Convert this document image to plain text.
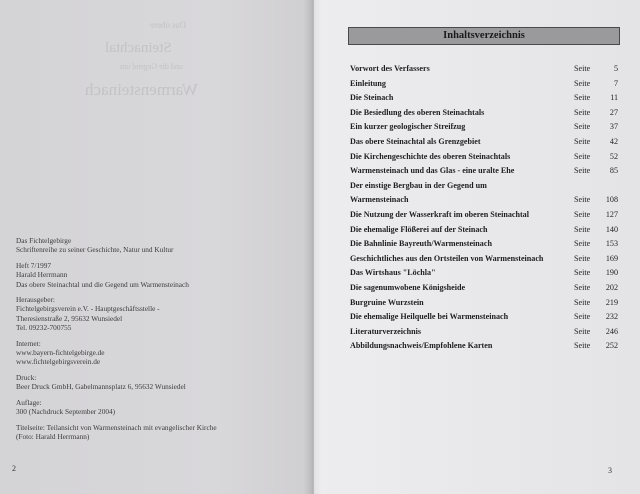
Das obere
Steinachtal
und die Gegend um
Warmensteinach
Das Fichtelgebirge
Schriftenreihe zu seiner Geschichte, Natur und Kultur
Heft 7/1997
Harald Herrmann
Das obere Steinachtal und die Gegend um Warmensteinach
Herausgeber:
Fichtelgebirgsverein e.V. - Hauptgeschäftsstelle -
Theresienstraße 2, 95632 Wunsiedel
Tel. 09232-700755
Internet:
www.bayern-fichtelgebirge.de
www.fichtelgebirgsverein.de
Druck:
Beer Druck GmbH, Gabelmannsplatz 6, 95632 Wunsiedel
Auflage:
300 (Nachdruck September 2004)
Titelseite: Teilansicht von Warmensteinach mit evangelischer Kirche
(Foto: Harald Herrmann)
2
Inhaltsverzeichnis
Vorwort des Verfassers	Seite	5
Einleitung	Seite	7
Die Steinach	Seite	11
Die Besiedlung des oberen Steinachtals	Seite	27
Ein kurzer geologischer Streifzug	Seite	37
Das obere Steinachtal als Grenzgebiet	Seite	42
Die Kirchengeschichte des oberen Steinachtals	Seite	52
Warmensteinach und das Glas - eine uralte Ehe	Seite	85
Der einstige Bergbau in der Gegend um
Warmensteinach	Seite	108
Die Nutzung der Wasserkraft im oberen Steinachtal	Seite	127
Die ehemalige Flößerei auf der Steinach	Seite	140
Die Bahnlinie Bayreuth/Warmensteinach	Seite	153
Geschichtliches aus den Ortsteilen von Warmensteinach	Seite	169
Das Wirtshaus "Löchla"	Seite	190
Die sagenumwobene Königsheide	Seite	202
Burgruine Wurzstein	Seite	219
Die ehemalige Heilquelle bei Warmensteinach	Seite	232
Literaturverzeichnis	Seite	246
Abbildungsnachweis/Empfohlene Karten	Seite	252
3
